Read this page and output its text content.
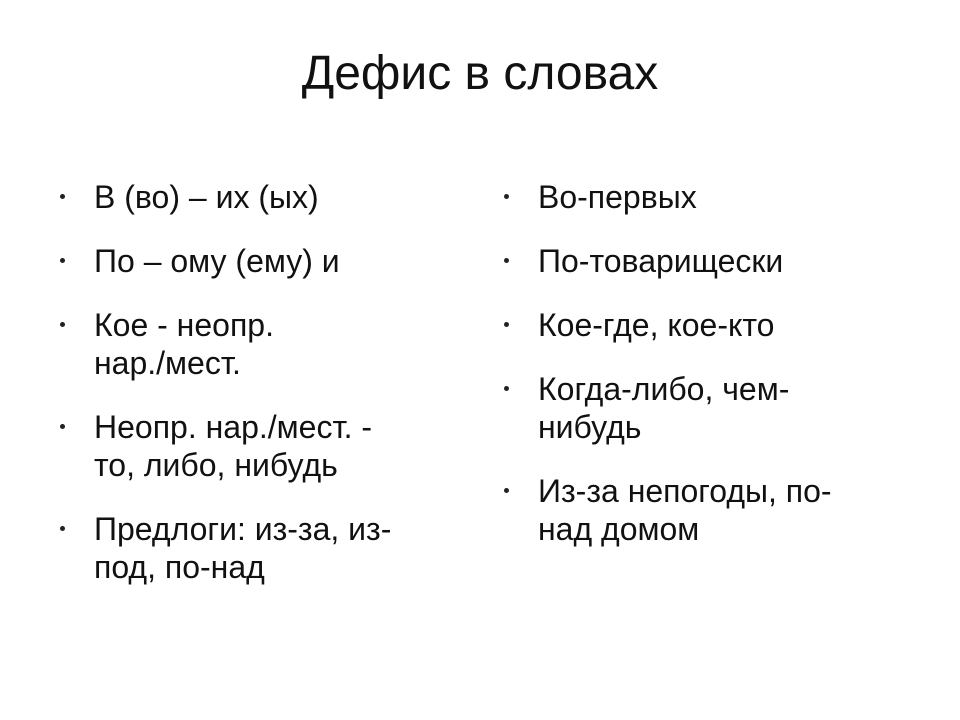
Дефис в словах
В (во) – их (ых)
По – ому (ему) и
Кое - неопр.
нар./мест.
Неопр. нар./мест. -
то, либо, нибудь
Предлоги: из-за, из-
под, по-над
Во-первых
По-товарищески
Кое-где, кое-кто
Когда-либо, чем-
нибудь
Из-за непогоды, по-
над домом
